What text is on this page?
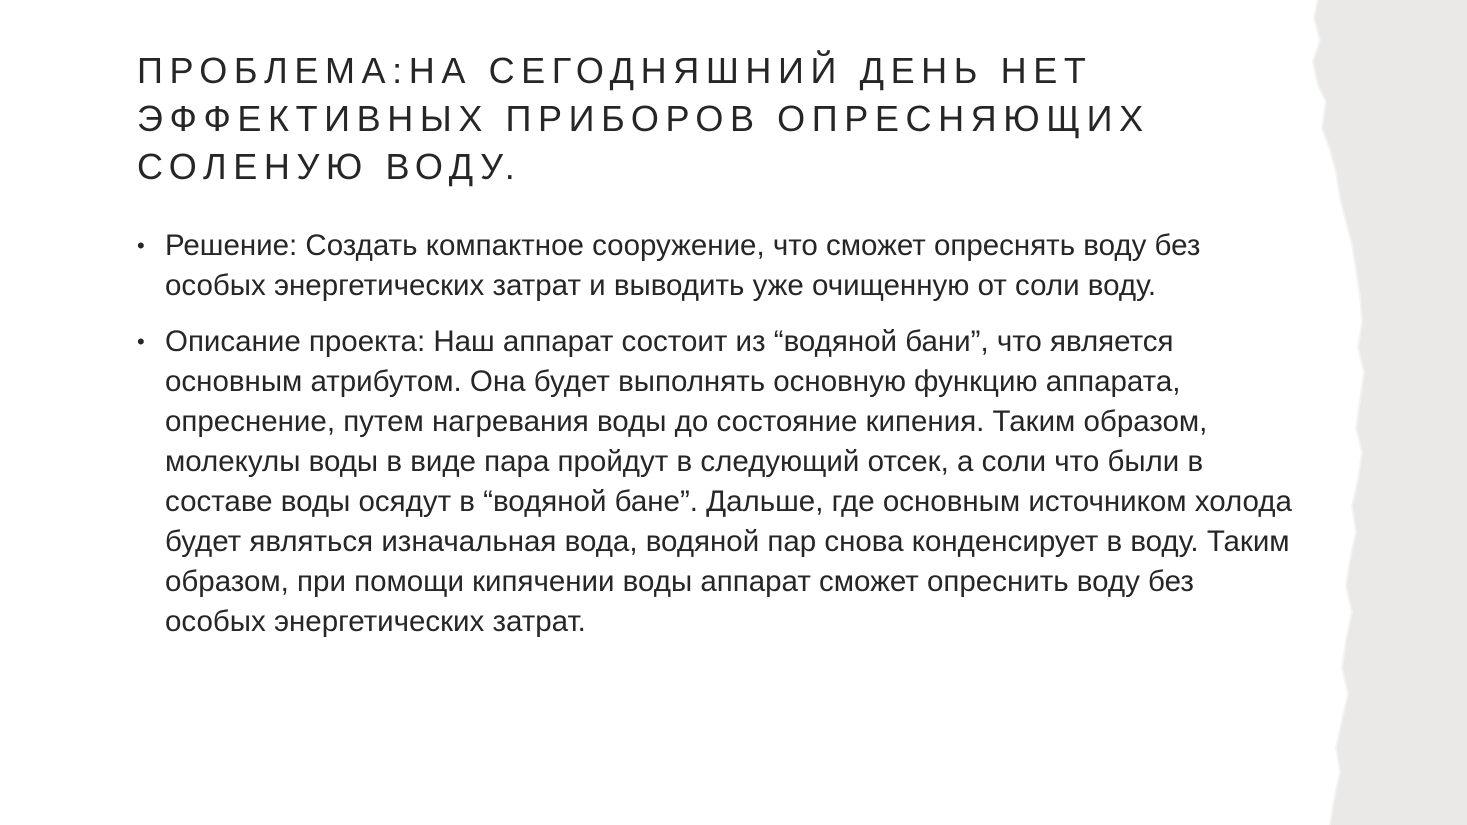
ПРОБЛЕМА:НА СЕГОДНЯШНИЙ ДЕНЬ НЕТ ЭФФЕКТИВНЫХ ПРИБОРОВ ОПРЕСНЯЮЩИХ СОЛЕНУЮ ВОДУ.
• Решение: Создать компактное сооружение, что сможет опреснять воду без особых энергетических затрат и выводить уже очищенную от соли воду.
• Описание проекта: Наш аппарат состоит из “водяной бани”, что является основным атрибутом. Она будет выполнять основную функцию аппарата, опреснение, путем нагревания воды до состояние кипения. Таким образом, молекулы воды в виде пара пройдут в следующий отсек, а соли что были в составе воды осядут в “водяной бане”. Дальше, где основным источником холода будет являться изначальная вода, водяной пар снова конденсирует в воду. Таким образом, при помощи кипячении воды аппарат сможет опреснить воду без особых энергетических затрат.
